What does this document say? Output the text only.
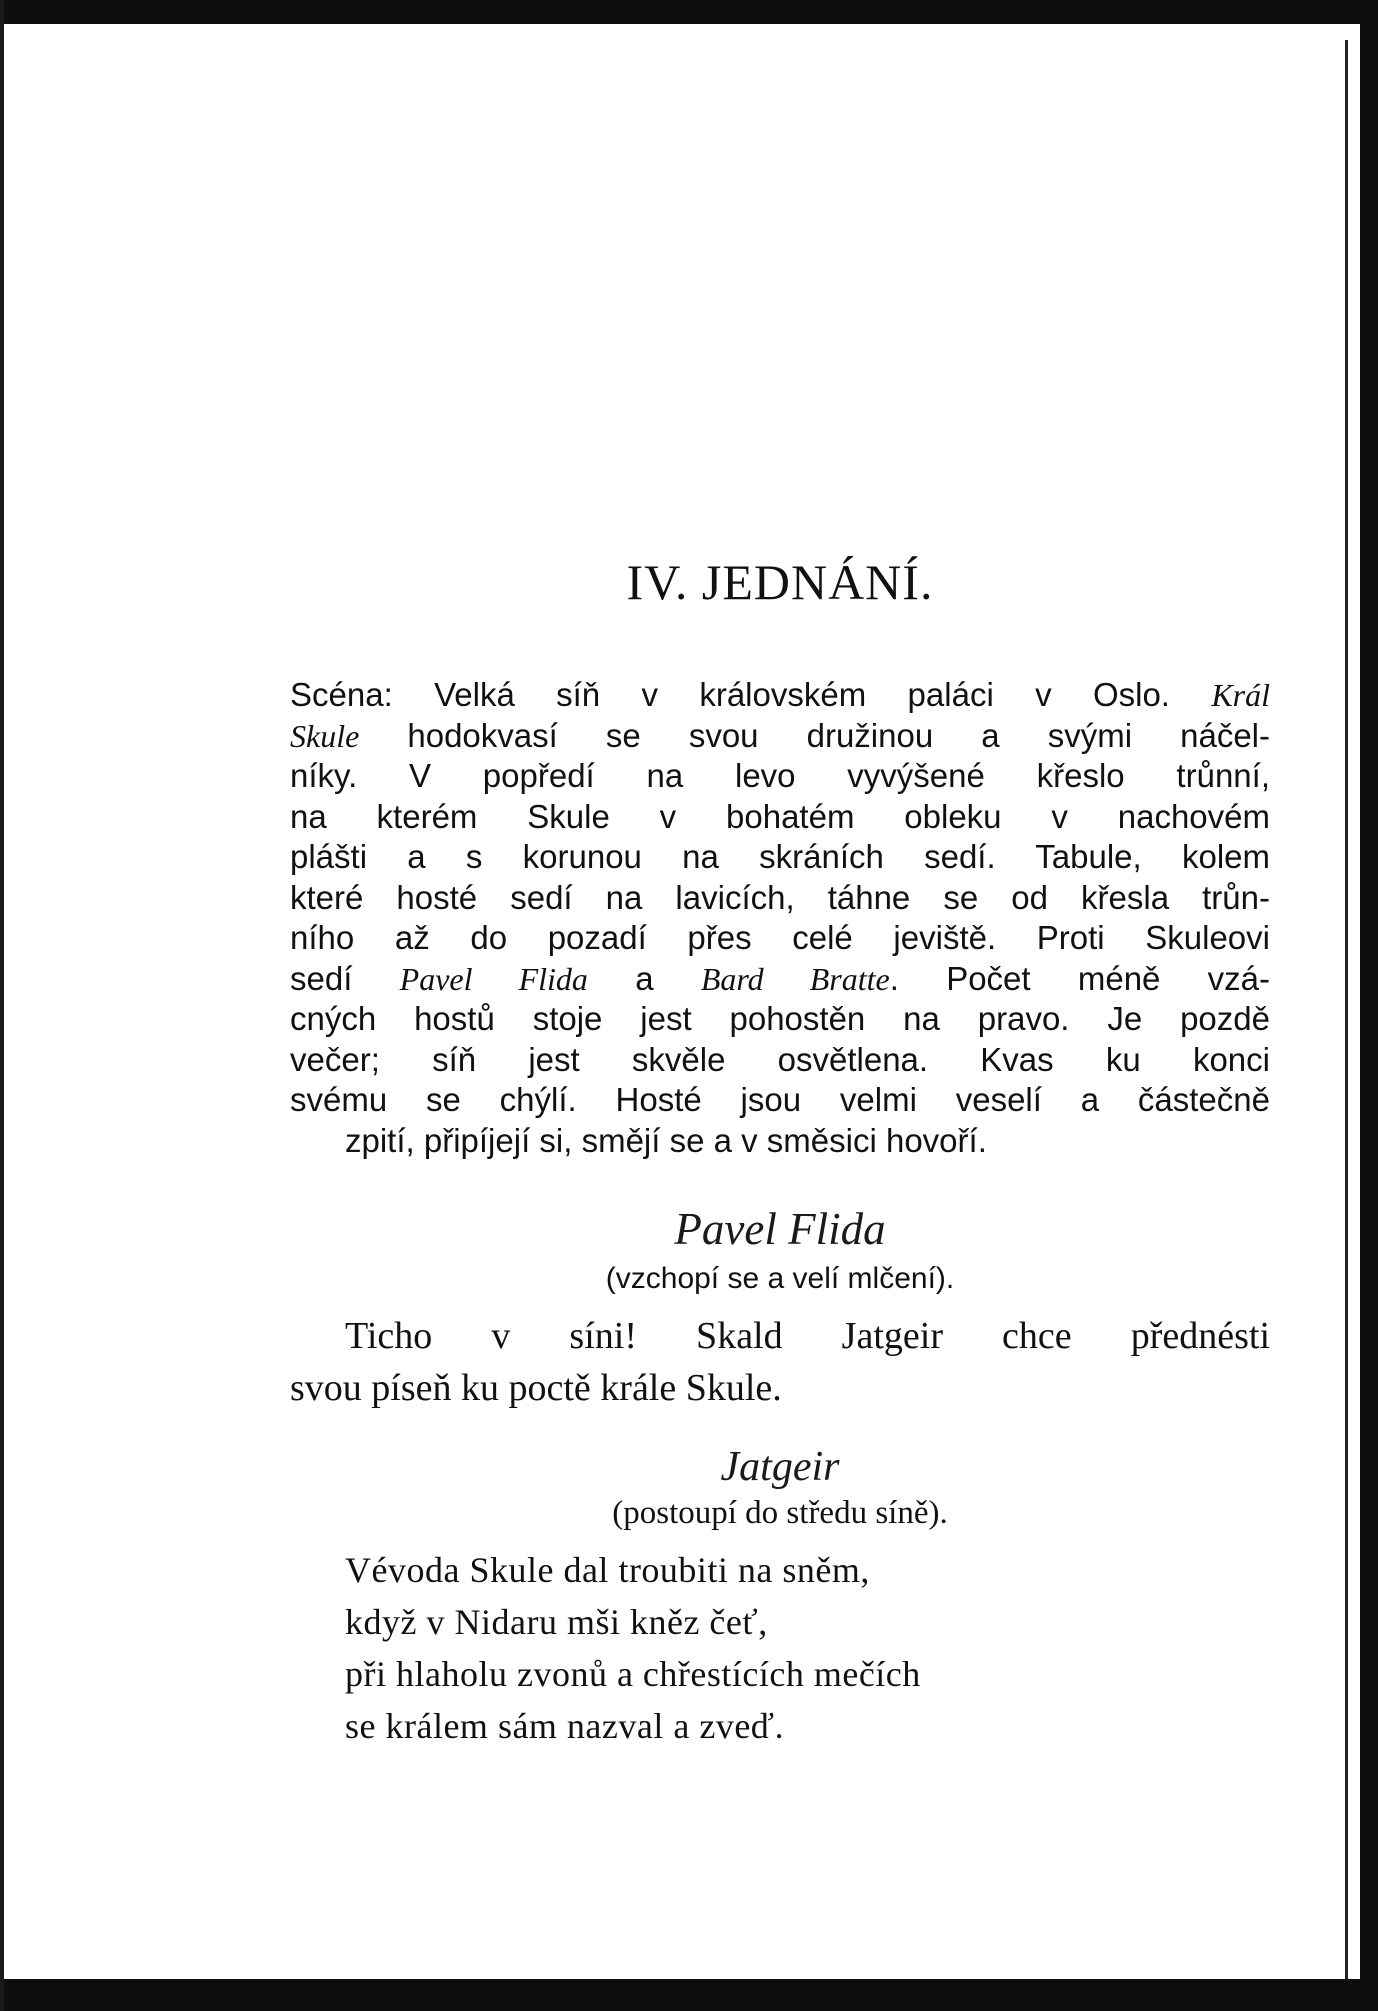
IV. JEDNÁNÍ.
Scéna: Velká síň v královském paláci v Oslo. Král
Skule hodokvasí se svou družinou a svými náčel-
níky. V popředí na levo vyvýšené křeslo trůnní,
na kterém Skule v bohatém obleku v nachovém
plášti a s korunou na skráních sedí. Tabule, kolem
které hosté sedí na lavicích, táhne se od křesla trůn-
ního až do pozadí přes celé jeviště. Proti Skuleovi
sedí Pavel Flida a Bard Bratte. Počet méně vzá-
cných hostů stoje jest pohostěn na pravo. Je pozdě
večer; síň jest skvěle osvětlena. Kvas ku konci
svému se chýlí. Hosté jsou velmi veselí a částečně
zpití, připíjejí si, smějí se a v směsici hovoří.

Pavel Flida

(vzchopí se a velí mlčení).

Ticho v síni! Skald Jatgeir chce přednésti
svou píseň ku poctě krále Skule.

Jatgeir

(postoupí do středu síně).

Vévoda Skule dal troubiti na sněm,
když v Nidaru mši kněz čeť,
při hlaholu zvonů a chřestících mečích
se králem sám nazval a zveď.
